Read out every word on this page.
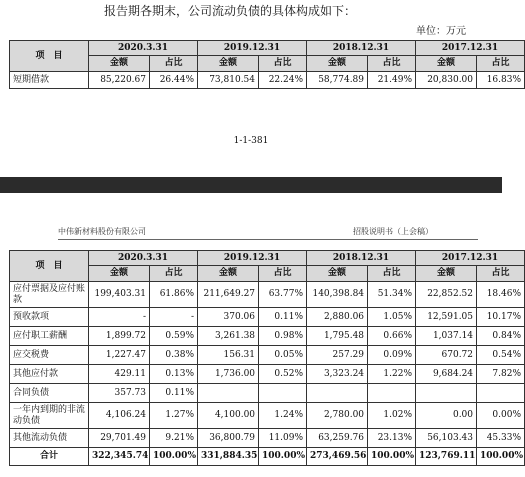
报告期各期末，公司流动负债的具体构成如下：
单位：万元
项　目	2020.3.31		2019.12.31		2018.12.31		2017.12.31	
	金额	占比	金额	占比	金额	占比	金额	占比
短期借款	85,220.67	26.44%	73,810.54	22.24%	58,774.89	21.49%	20,830.00	16.83%
1-1-381
中伟新材料股份有限公司	招股说明书（上会稿）
项　目	2020.3.31		2019.12.31		2018.12.31		2017.12.31	
	金额	占比	金额	占比	金额	占比	金额	占比
应付票据及应付账款	199,403.31	61.86%	211,649.27	63.77%	140,398.84	51.34%	22,852.52	18.46%
预收款项	-	-	370.06	0.11%	2,880.06	1.05%	12,591.05	10.17%
应付职工薪酬	1,899.72	0.59%	3,261.38	0.98%	1,795.48	0.66%	1,037.14	0.84%
应交税费	1,227.47	0.38%	156.31	0.05%	257.29	0.09%	670.72	0.54%
其他应付款	429.11	0.13%	1,736.00	0.52%	3,323.24	1.22%	9,684.24	7.82%
合同负债	357.73	0.11%						
一年内到期的非流动负债	4,106.24	1.27%	4,100.00	1.24%	2,780.00	1.02%	0.00	0.00%
其他流动负债	29,701.49	9.21%	36,800.79	11.09%	63,259.76	23.13%	56,103.43	45.33%
合计	322,345.74	100.00%	331,884.35	100.00%	273,469.56	100.00%	123,769.11	100.00%
